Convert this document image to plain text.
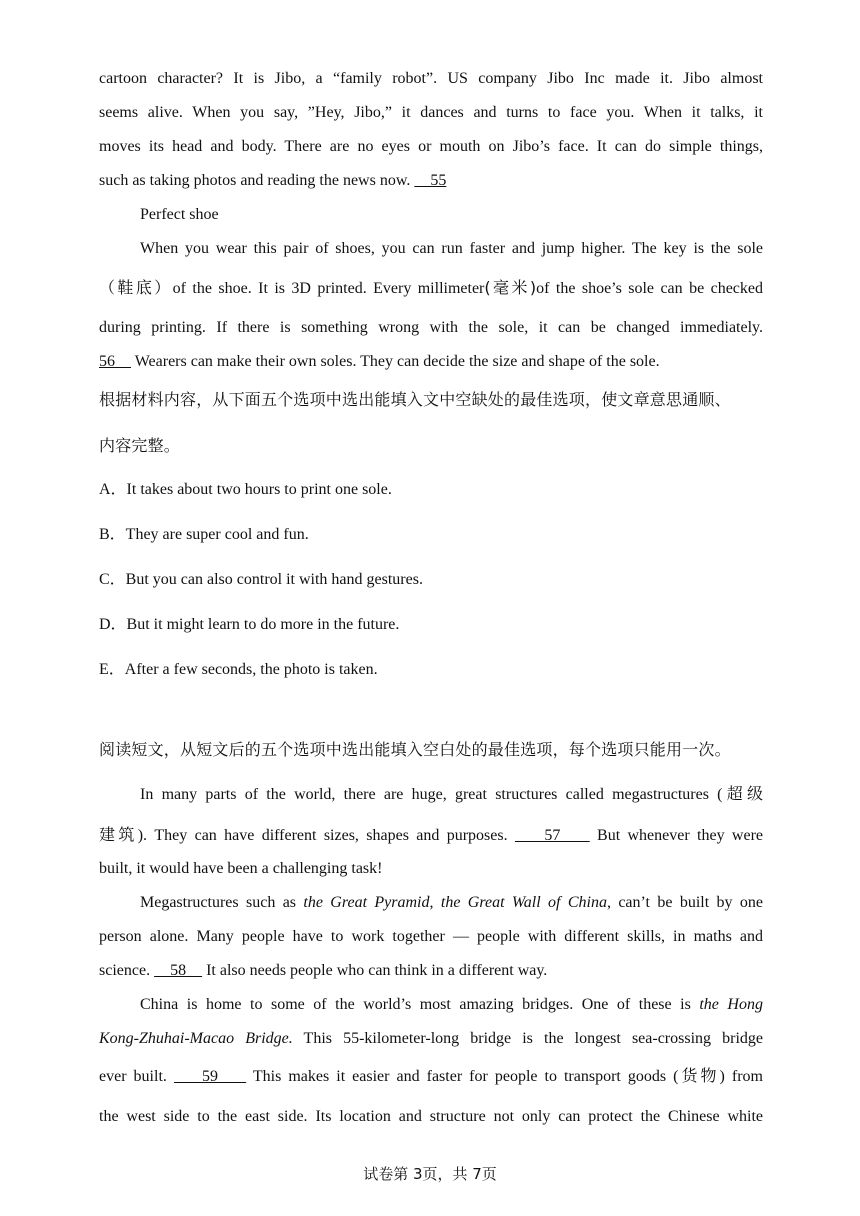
cartoon character? It is Jibo, a “family robot”. US company Jibo Inc made it. Jibo almost
seems alive. When you say, ”Hey, Jibo,” it dances and turns to face you. When it talks, it
moves its head and body. There are no eyes or mouth on Jibo’s face. It can do simple things,
such as taking photos and reading the news now.     55

Perfect shoe

When you wear this pair of shoes, you can run faster and jump higher. The key is the sole

（鞋底）of the shoe. It is 3D printed. Every millimeter(毫米)of the shoe’s sole can be checked

during printing. If there is something wrong with the sole, it can be changed immediately.
56     Wearers can make their own soles. They can decide the size and shape of the sole.

根据材料内容，从下面五个选项中选出能填入文中空缺处的最佳选项，使文章意思通顺、

内容完整。

A．It takes about two hours to print one sole.

B．They are super cool and fun.

C．But you can also control it with hand gestures.

D．But it might learn to do more in the future.

E．After a few seconds, the photo is taken.

阅读短文，从短文后的五个选项中选出能填入空白处的最佳选项，每个选项只能用一次。

In many parts of the world, there are huge, great structures called megastructures (超级
建筑). They can have different sizes, shapes and purposes.     57     But whenever they were

built, it would have been a challenging task!

Megastructures such as the Great Pyramid, the Great Wall of China, can’t be built by one
person alone. Many people have to work together — people with different skills, in maths and
science.     58     It also needs people who can think in a different way.

China is home to some of the world’s most amazing bridges. One of these is the Hong
Kong-Zhuhai-Macao Bridge. This 55-kilometer-long bridge is the longest sea-crossing bridge

ever built.     59     This makes it easier and faster for people to transport goods (货物) from
the west side to the east side. Its location and structure not only can protect the Chinese white

试卷第 3页，共 7页
